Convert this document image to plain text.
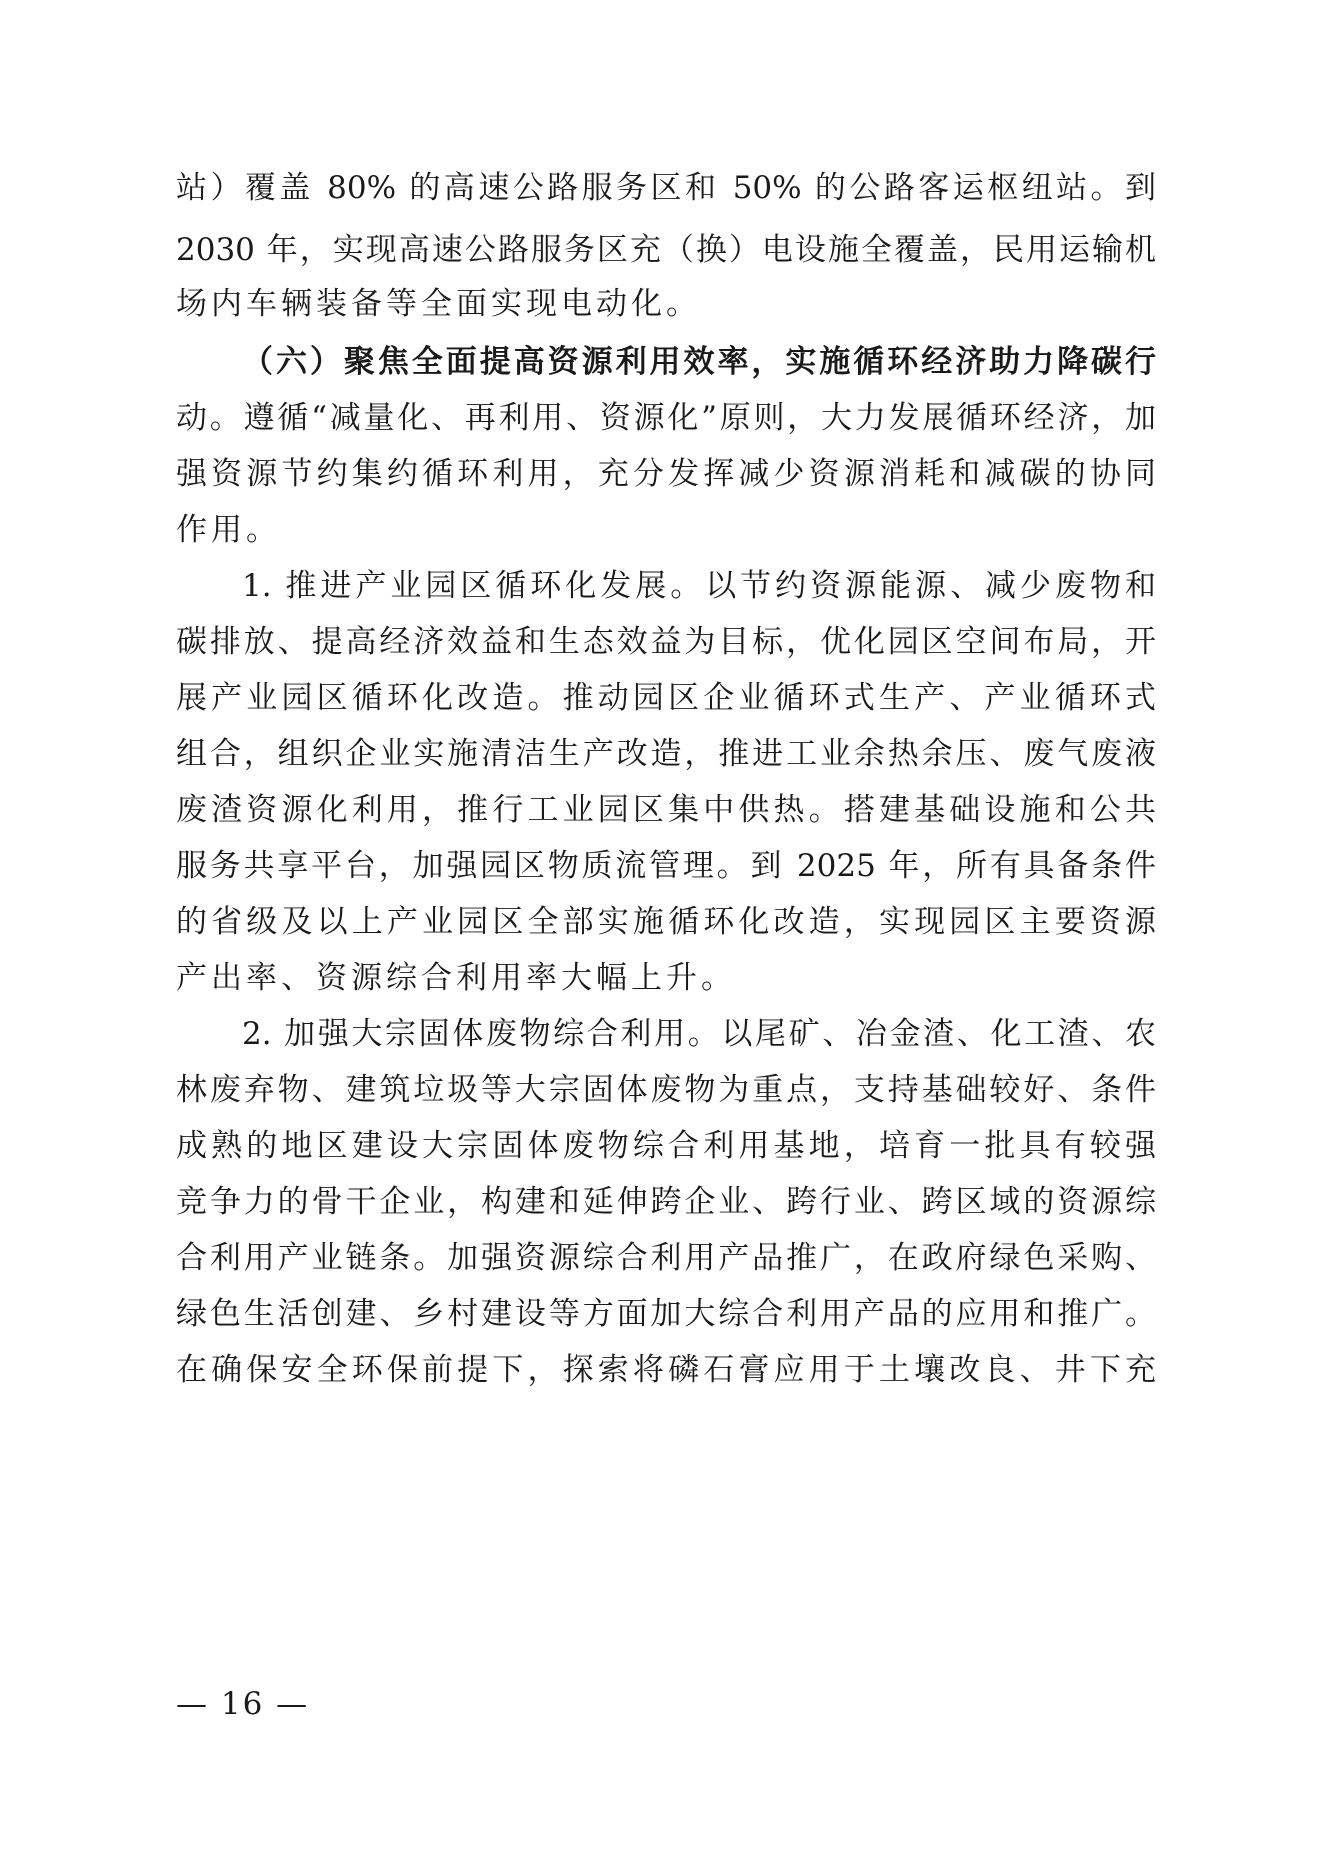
站）覆盖 80% 的高速公路服务区和 50% 的公路客运枢纽站。到
2030 年，实现高速公路服务区充（换）电设施全覆盖，民用运输机
场内车辆装备等全面实现电动化。
（六）聚焦全面提高资源利用效率，实施循环经济助力降碳行
动。遵循“减量化、再利用、资源化”原则，大力发展循环经济，加
强资源节约集约循环利用，充分发挥减少资源消耗和减碳的协同
作用。
1. 推进产业园区循环化发展。以节约资源能源、减少废物和
碳排放、提高经济效益和生态效益为目标，优化园区空间布局，开
展产业园区循环化改造。推动园区企业循环式生产、产业循环式
组合，组织企业实施清洁生产改造，推进工业余热余压、废气废液
废渣资源化利用，推行工业园区集中供热。搭建基础设施和公共
服务共享平台，加强园区物质流管理。到 2025 年，所有具备条件
的省级及以上产业园区全部实施循环化改造，实现园区主要资源
产出率、资源综合利用率大幅上升。
2. 加强大宗固体废物综合利用。以尾矿、冶金渣、化工渣、农
林废弃物、建筑垃圾等大宗固体废物为重点，支持基础较好、条件
成熟的地区建设大宗固体废物综合利用基地，培育一批具有较强
竞争力的骨干企业，构建和延伸跨企业、跨行业、跨区域的资源综
合利用产业链条。加强资源综合利用产品推广，在政府绿色采购、
绿色生活创建、乡村建设等方面加大综合利用产品的应用和推广。
在确保安全环保前提下，探索将磷石膏应用于土壤改良、井下充
— 16 —
